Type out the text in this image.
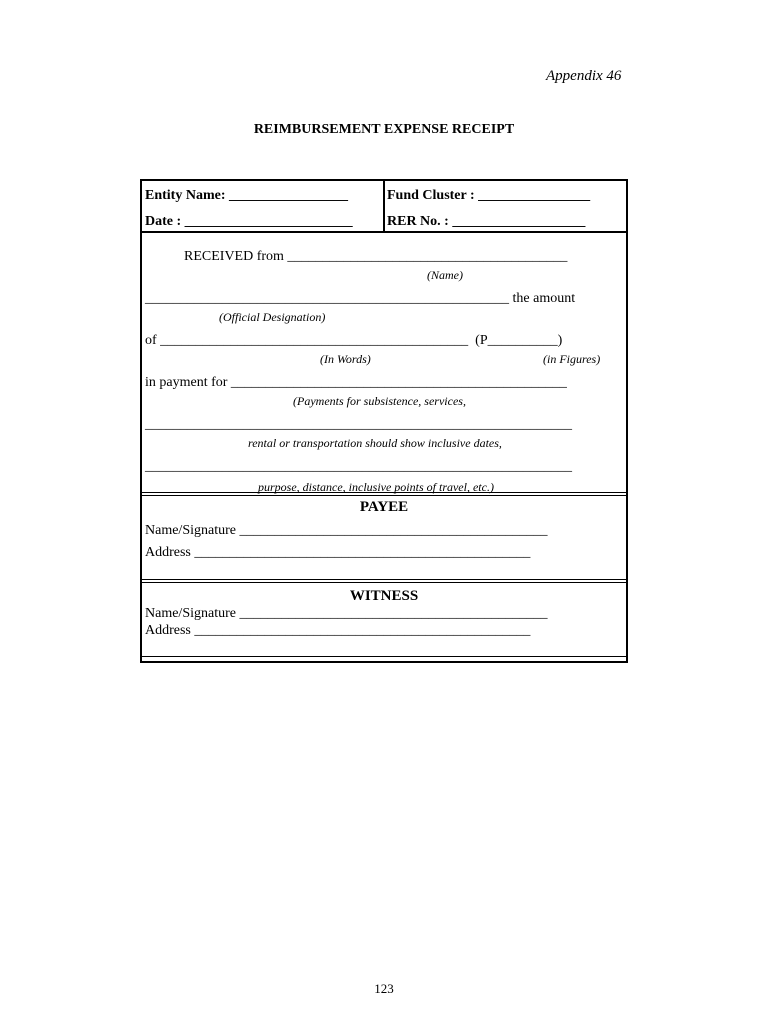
Appendix 46
REIMBURSEMENT EXPENSE RECEIPT
Entity Name: _________________	Fund Cluster : ________________
Date : ________________________ RER No. : ___________________
RECEIVED from ________________________________________
(Name)
____________________________________________________ the amount
(Official Designation)
of ____________________________________________  (P__________)
(In Words)	(in Figures)
in payment for ________________________________________________
(Payments for subsistence, services,
_____________________________________________________________
rental or transportation should show inclusive dates,
_____________________________________________________________
purpose, distance, inclusive points of travel, etc.)
PAYEE
Name/Signature ____________________________________________
Address ________________________________________________
WITNESS
Name/Signature ____________________________________________
Address ________________________________________________
123
